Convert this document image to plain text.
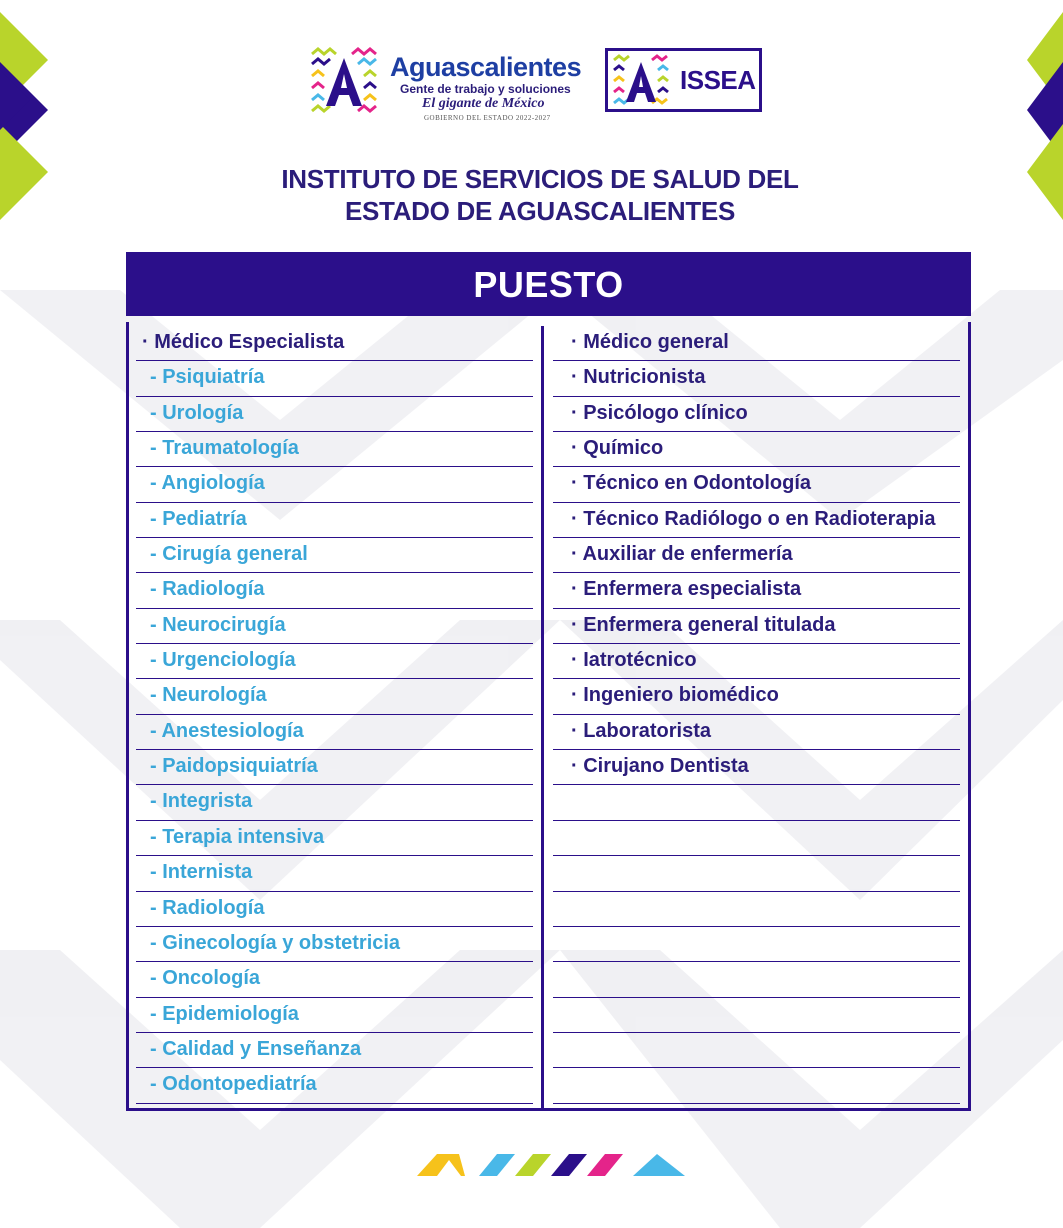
Aguascalientes
Gente de trabajo y soluciones
El gigante de México
GOBIERNO DEL ESTADO 2022-2027
ISSEA
INSTITUTO DE SERVICIOS DE SALUD DEL
ESTADO DE AGUASCALIENTES
PUESTO
· Médico Especialista
- Psiquiatría
- Urología
- Traumatología
- Angiología
- Pediatría
- Cirugía general
- Radiología
- Neurocirugía
- Urgenciología
- Neurología
- Anestesiología
- Paidopsiquiatría
- Integrista
- Terapia intensiva
- Internista
- Radiología
- Ginecología y obstetricia
- Oncología
- Epidemiología
- Calidad y Enseñanza
- Odontopediatría
· Médico general
· Nutricionista
· Psicólogo clínico
· Químico
· Técnico en Odontología
· Técnico Radiólogo o en Radioterapia
· Auxiliar de enfermería
· Enfermera especialista
· Enfermera general titulada
· Iatrotécnico
· Ingeniero biomédico
· Laboratorista
· Cirujano Dentista
